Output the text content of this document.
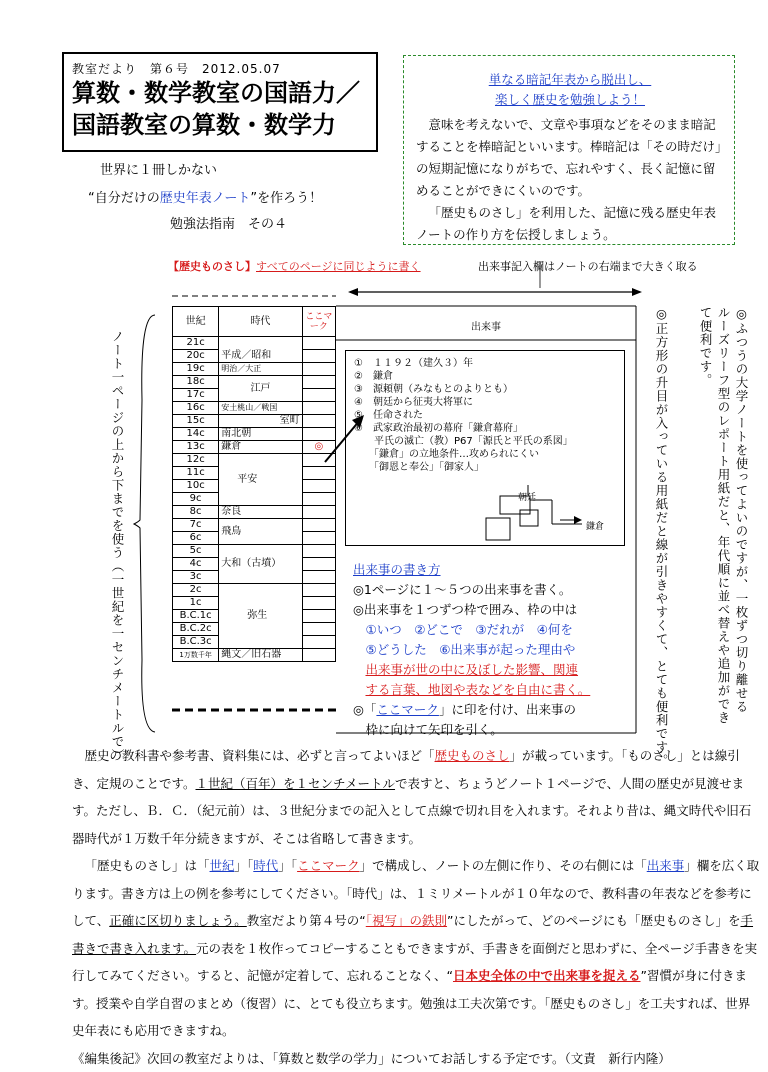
教室だより　第６号　2012.05.07
算数・数学教室の国語力／
国語教室の算数・数学力
世界に１冊しかない
“自分だけの歴史年表ノート”を作ろう！
勉強法指南　その４
単なる暗記年表から脱出し、
楽しく歴史を勉強しよう！
意味を考えないで、文章や事項などをそのまま暗記することを棒暗記といいます。棒暗記は「その時だけ」の短期記憶になりがちで、忘れやすく、長く記憶に留めることができにくいのです。
「歴史ものさし」を利用した、記憶に残る歴史年表ノートの作り方を伝授しましょう。
【歴史ものさし】すべてのページに同じように書く	出来事記入欄はノートの右端まで大きく取る
世紀	時代	ここマーク
21c	平成／昭和	
20c		
19c	明治／大正	
18c	江戸	
17c		
16c	安土桃山／戦国	
15c	室町	
14c	南北朝	
13c	鎌倉	◎
12c	平安	
11c		
10c		
9c		
8c	奈良	
7c	飛鳥	
6c		
5c	大和（古墳）	
4c		
3c		
2c	弥生	
1c		
B.C.1c		
B.C.2c		
B.C.3c		
1万数千年	縄文／旧石器	
出来事
ノート一ページの上から下までを使う（一世紀を一センチメートルで）	◎ふつうの大学ノートを使ってよいのですが、一枚ずつ切り離せるルーズリーフ型のレポート用紙だと、年代順に並べ替えや追加ができて便利です。
◎正方形の升目が入っている用紙だと線が引きやすくて、とても便利です。
①　１１９２（建久３）年
②　鎌倉
③　源頼朝（みなもとのよりとも）
④　朝廷から征夷大将軍に
⑤　任命された
⑥　武家政治最初の幕府「鎌倉幕府」
　　平氏の滅亡（教）P67「源氏と平氏の系図」
　　「鎌倉」の立地条件…攻められにくい
　　「御恩と奉公」「御家人」
朝廷
鎌倉
出来事の書き方
◎1ページに１～５つの出来事を書く。
◎出来事を１つずつ枠で囲み、枠の中は
①いつ　②どこで　③だれが　④何を
⑤どうした　⑥出来事が起った理由や
出来事が世の中に及ぼした影響、関連
する言葉、地図や表などを自由に書く。
◎「ここマーク」に印を付け、出来事の
枠に向けて矢印を引く。

歴史の教科書や参考書、資料集には、必ずと言ってよいほど「歴史ものさし」が載っています。「ものさし」とは線引き、定規のことです。１世紀（百年）を１センチメートルで表すと、ちょうどノート１ページで、人間の歴史が見渡せます。ただし、Ｂ．Ｃ．（紀元前）は、３世紀分までの記入として点線で切れ目を入れます。それより昔は、縄文時代や旧石器時代が１万数千年分続きますが、そこは省略して書きます。

「歴史ものさし」は「世紀」「時代」「ここマーク」で構成し、ノートの左側に作り、その右側には「出来事」欄を広く取ります。書き方は上の例を参考にしてください。「時代」は、１ミリメートルが１０年なので、教科書の年表などを参考にして、正確に区切りましょう。教室だより第４号の“「視写」の鉄則”にしたがって、どのページにも「歴史ものさし」を手書きで書き入れます。元の表を１枚作ってコピーすることもできますが、手書きを面倒だと思わずに、全ページ手書きを実行してみてください。すると、記憶が定着して、忘れることなく、“日本史全体の中で出来事を捉える”習慣が身に付きます。授業や自学自習のまとめ（復習）に、とても役立ちます。勉強は工夫次第です。「歴史ものさし」を工夫すれば、世界史年表にも応用できますね。

《編集後記》次回の教室だよりは、「算数と数学の学力」についてお話しする予定です。（文責　新行内隆）
